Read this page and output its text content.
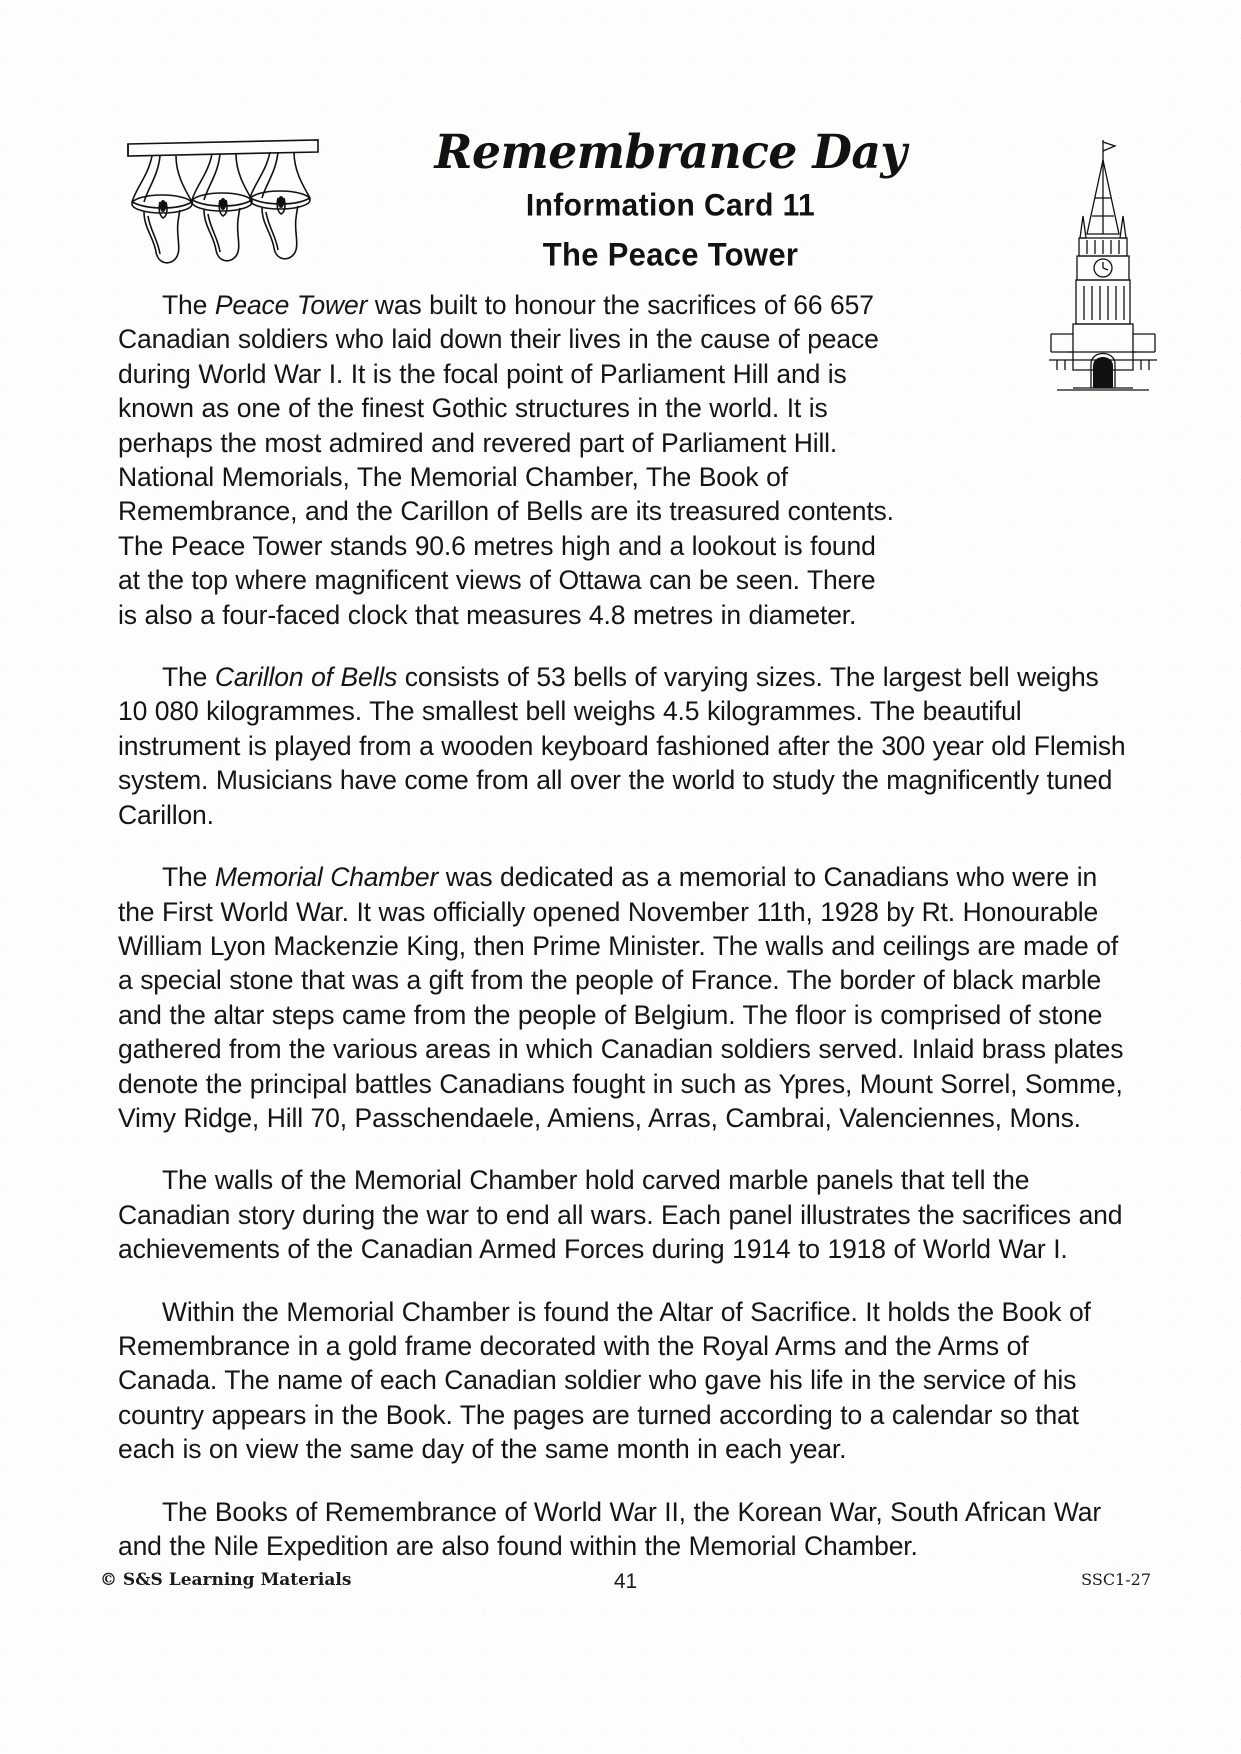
Remembrance Day
Information Card 11
The Peace Tower

The Peace Tower was built to honour the sacrifices of 66 657 Canadian soldiers who laid down their lives in the cause of peace during World War I. It is the focal point of Parliament Hill and is known as one of the finest Gothic structures in the world. It is perhaps the most admired and revered part of Parliament Hill. National Memorials, The Memorial Chamber, The Book of Remembrance, and the Carillon of Bells are its treasured contents. The Peace Tower stands 90.6 metres high and a lookout is found at the top where magnificent views of Ottawa can be seen. There is also a four-faced clock that measures 4.8 metres in diameter.

The Carillon of Bells consists of 53 bells of varying sizes. The largest bell weighs 10 080 kilogrammes. The smallest bell weighs 4.5 kilogrammes. The beautiful instrument is played from a wooden keyboard fashioned after the 300 year old Flemish system. Musicians have come from all over the world to study the magnificently tuned Carillon.

The Memorial Chamber was dedicated as a memorial to Canadians who were in the First World War. It was officially opened November 11th, 1928 by Rt. Honourable William Lyon Mackenzie King, then Prime Minister. The walls and ceilings are made of a special stone that was a gift from the people of France. The border of black marble and the altar steps came from the people of Belgium. The floor is comprised of stone gathered from the various areas in which Canadian soldiers served. Inlaid brass plates denote the principal battles Canadians fought in such as Ypres, Mount Sorrel, Somme, Vimy Ridge, Hill 70, Passchendaele, Amiens, Arras, Cambrai, Valenciennes, Mons.

The walls of the Memorial Chamber hold carved marble panels that tell the Canadian story during the war to end all wars. Each panel illustrates the sacrifices and achievements of the Canadian Armed Forces during 1914 to 1918 of World War I.

Within the Memorial Chamber is found the Altar of Sacrifice. It holds the Book of Remembrance in a gold frame decorated with the Royal Arms and the Arms of Canada. The name of each Canadian soldier who gave his life in the service of his country appears in the Book. The pages are turned according to a calendar so that each is on view the same day of the same month in each year.

The Books of Remembrance of World War II, the Korean War, South African War and the Nile Expedition are also found within the Memorial Chamber.

© S&S Learning Materials	41	SSC1-27
